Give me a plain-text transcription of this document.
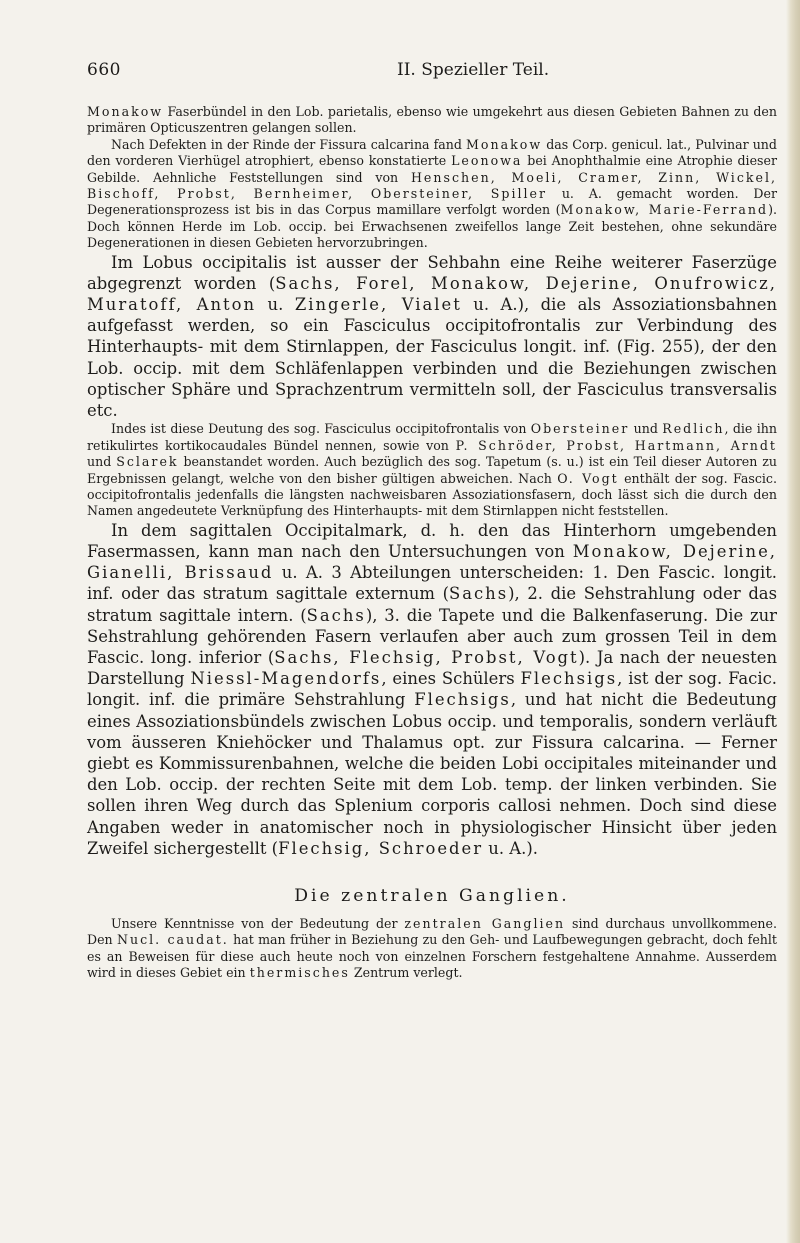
660	II. Spezieller Teil.

Monakow Faserbündel in den Lob. parietalis, ebenso wie umgekehrt aus diesen Gebieten Bahnen zu den primären Opticuszentren gelangen sollen.

Nach Defekten in der Rinde der Fissura calcarina fand Monakow das Corp. genicul. lat., Pulvinar und den vorderen Vierhügel atrophiert, ebenso konstatierte Leonowa bei Anophthalmie eine Atrophie dieser Gebilde. Aehnliche Feststellungen sind von Henschen, Moeli, Cramer, Zinn, Wickel, Bischoff, Probst, Bernheimer, Obersteiner, Spiller u. A. gemacht worden. Der Degenerationsprozess ist bis in das Corpus mamillare verfolgt worden (Monakow, Marie-Ferrand). Doch können Herde im Lob. occip. bei Erwachsenen zweifellos lange Zeit bestehen, ohne sekundäre Degenerationen in diesen Gebieten hervorzubringen.

Im Lobus occipitalis ist ausser der Sehbahn eine Reihe weiterer Faserzüge abgegrenzt worden (Sachs, Forel, Monakow, Dejerine, Onufrowicz, Muratoff, Anton u. Zingerle, Vialet u. A.), die als Assoziationsbahnen aufgefasst werden, so ein Fasciculus occipitofrontalis zur Verbindung des Hinterhaupts- mit dem Stirnlappen, der Fasciculus longit. inf. (Fig. 255), der den Lob. occip. mit dem Schläfenlappen verbinden und die Beziehungen zwischen optischer Sphäre und Sprachzentrum vermitteln soll, der Fasciculus transversalis etc.

Indes ist diese Deutung des sog. Fasciculus occipitofrontalis von Obersteiner und Redlich, die ihn retikulirtes kortikocaudales Bündel nennen, sowie von P. Schröder, Probst, Hartmann, Arndt und Sclarek beanstandet worden. Auch bezüglich des sog. Tapetum (s. u.) ist ein Teil dieser Autoren zu Ergebnissen gelangt, welche von den bisher gültigen abweichen. Nach O. Vogt enthält der sog. Fascic. occipitofrontalis jedenfalls die längsten nachweisbaren Assoziationsfasern, doch lässt sich die durch den Namen angedeutete Verknüpfung des Hinterhaupts- mit dem Stirnlappen nicht feststellen.

In dem sagittalen Occipitalmark, d. h. den das Hinterhorn umgebenden Fasermassen, kann man nach den Untersuchungen von Monakow, Dejerine, Gianelli, Brissaud u. A. 3 Abteilungen unterscheiden: 1. Den Fascic. longit. inf. oder das stratum sagittale externum (Sachs), 2. die Sehstrahlung oder das stratum sagittale intern. (Sachs), 3. die Tapete und die Balkenfaserung. Die zur Sehstrahlung gehörenden Fasern verlaufen aber auch zum grossen Teil in dem Fascic. long. inferior (Sachs, Flechsig, Probst, Vogt). Ja nach der neuesten Darstellung Niessl-Magendorfs, eines Schülers Flechsigs, ist der sog. Facic. longit. inf. die primäre Sehstrahlung Flechsigs, und hat nicht die Bedeutung eines Assoziationsbündels zwischen Lobus occip. und temporalis, sondern verläuft vom äusseren Kniehöcker und Thalamus opt. zur Fissura calcarina. — Ferner giebt es Kommissurenbahnen, welche die beiden Lobi occipitales miteinander und den Lob. occip. der rechten Seite mit dem Lob. temp. der linken verbinden. Sie sollen ihren Weg durch das Splenium corporis callosi nehmen. Doch sind diese Angaben weder in anatomischer noch in physiologischer Hinsicht über jeden Zweifel sichergestellt (Flechsig, Schroeder u. A.).

Die zentralen Ganglien.

Unsere Kenntnisse von der Bedeutung der zentralen Ganglien sind durchaus unvollkommene. Den Nucl. caudat. hat man früher in Beziehung zu den Geh- und Laufbewegungen gebracht, doch fehlt es an Beweisen für diese auch heute noch von einzelnen Forschern festgehaltene Annahme. Ausserdem wird in dieses Gebiet ein thermisches Zentrum verlegt.
